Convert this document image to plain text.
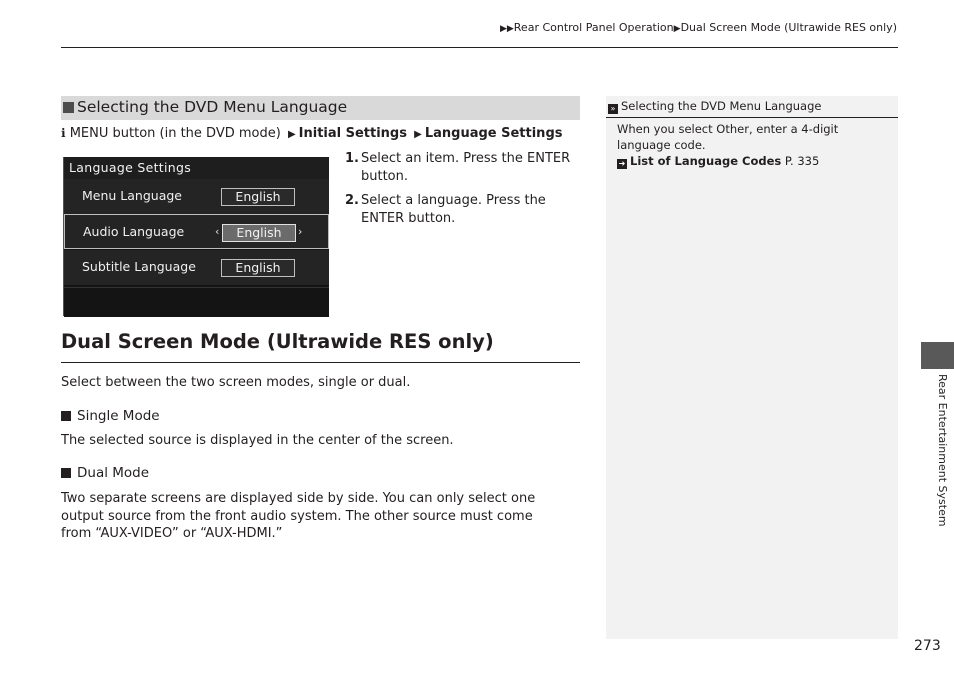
▶▶Rear Control Panel Operation▶Dual Screen Mode (Ultrawide RES only)
Selecting the DVD Menu Language
ℹ MENU button (in the DVD mode) ▶ Initial Settings ▶ Language Settings
Language Settings
Menu Language	English
Audio Language	‹	English	›
Subtitle Language	English
1. Select an item. Press the ENTER button.
2. Select a language. Press the ENTER button.
Dual Screen Mode (Ultrawide RES only)
Select between the two screen modes, single or dual.
Single Mode
The selected source is displayed in the center of the screen.
Dual Mode
Two separate screens are displayed side by side. You can only select one output source from the front audio system. The other source must come from “AUX-VIDEO” or “AUX-HDMI.”
» Selecting the DVD Menu Language
When you select Other, enter a 4-digit language code.
➜ List of Language Codes P. 335
Rear Entertainment System
273
